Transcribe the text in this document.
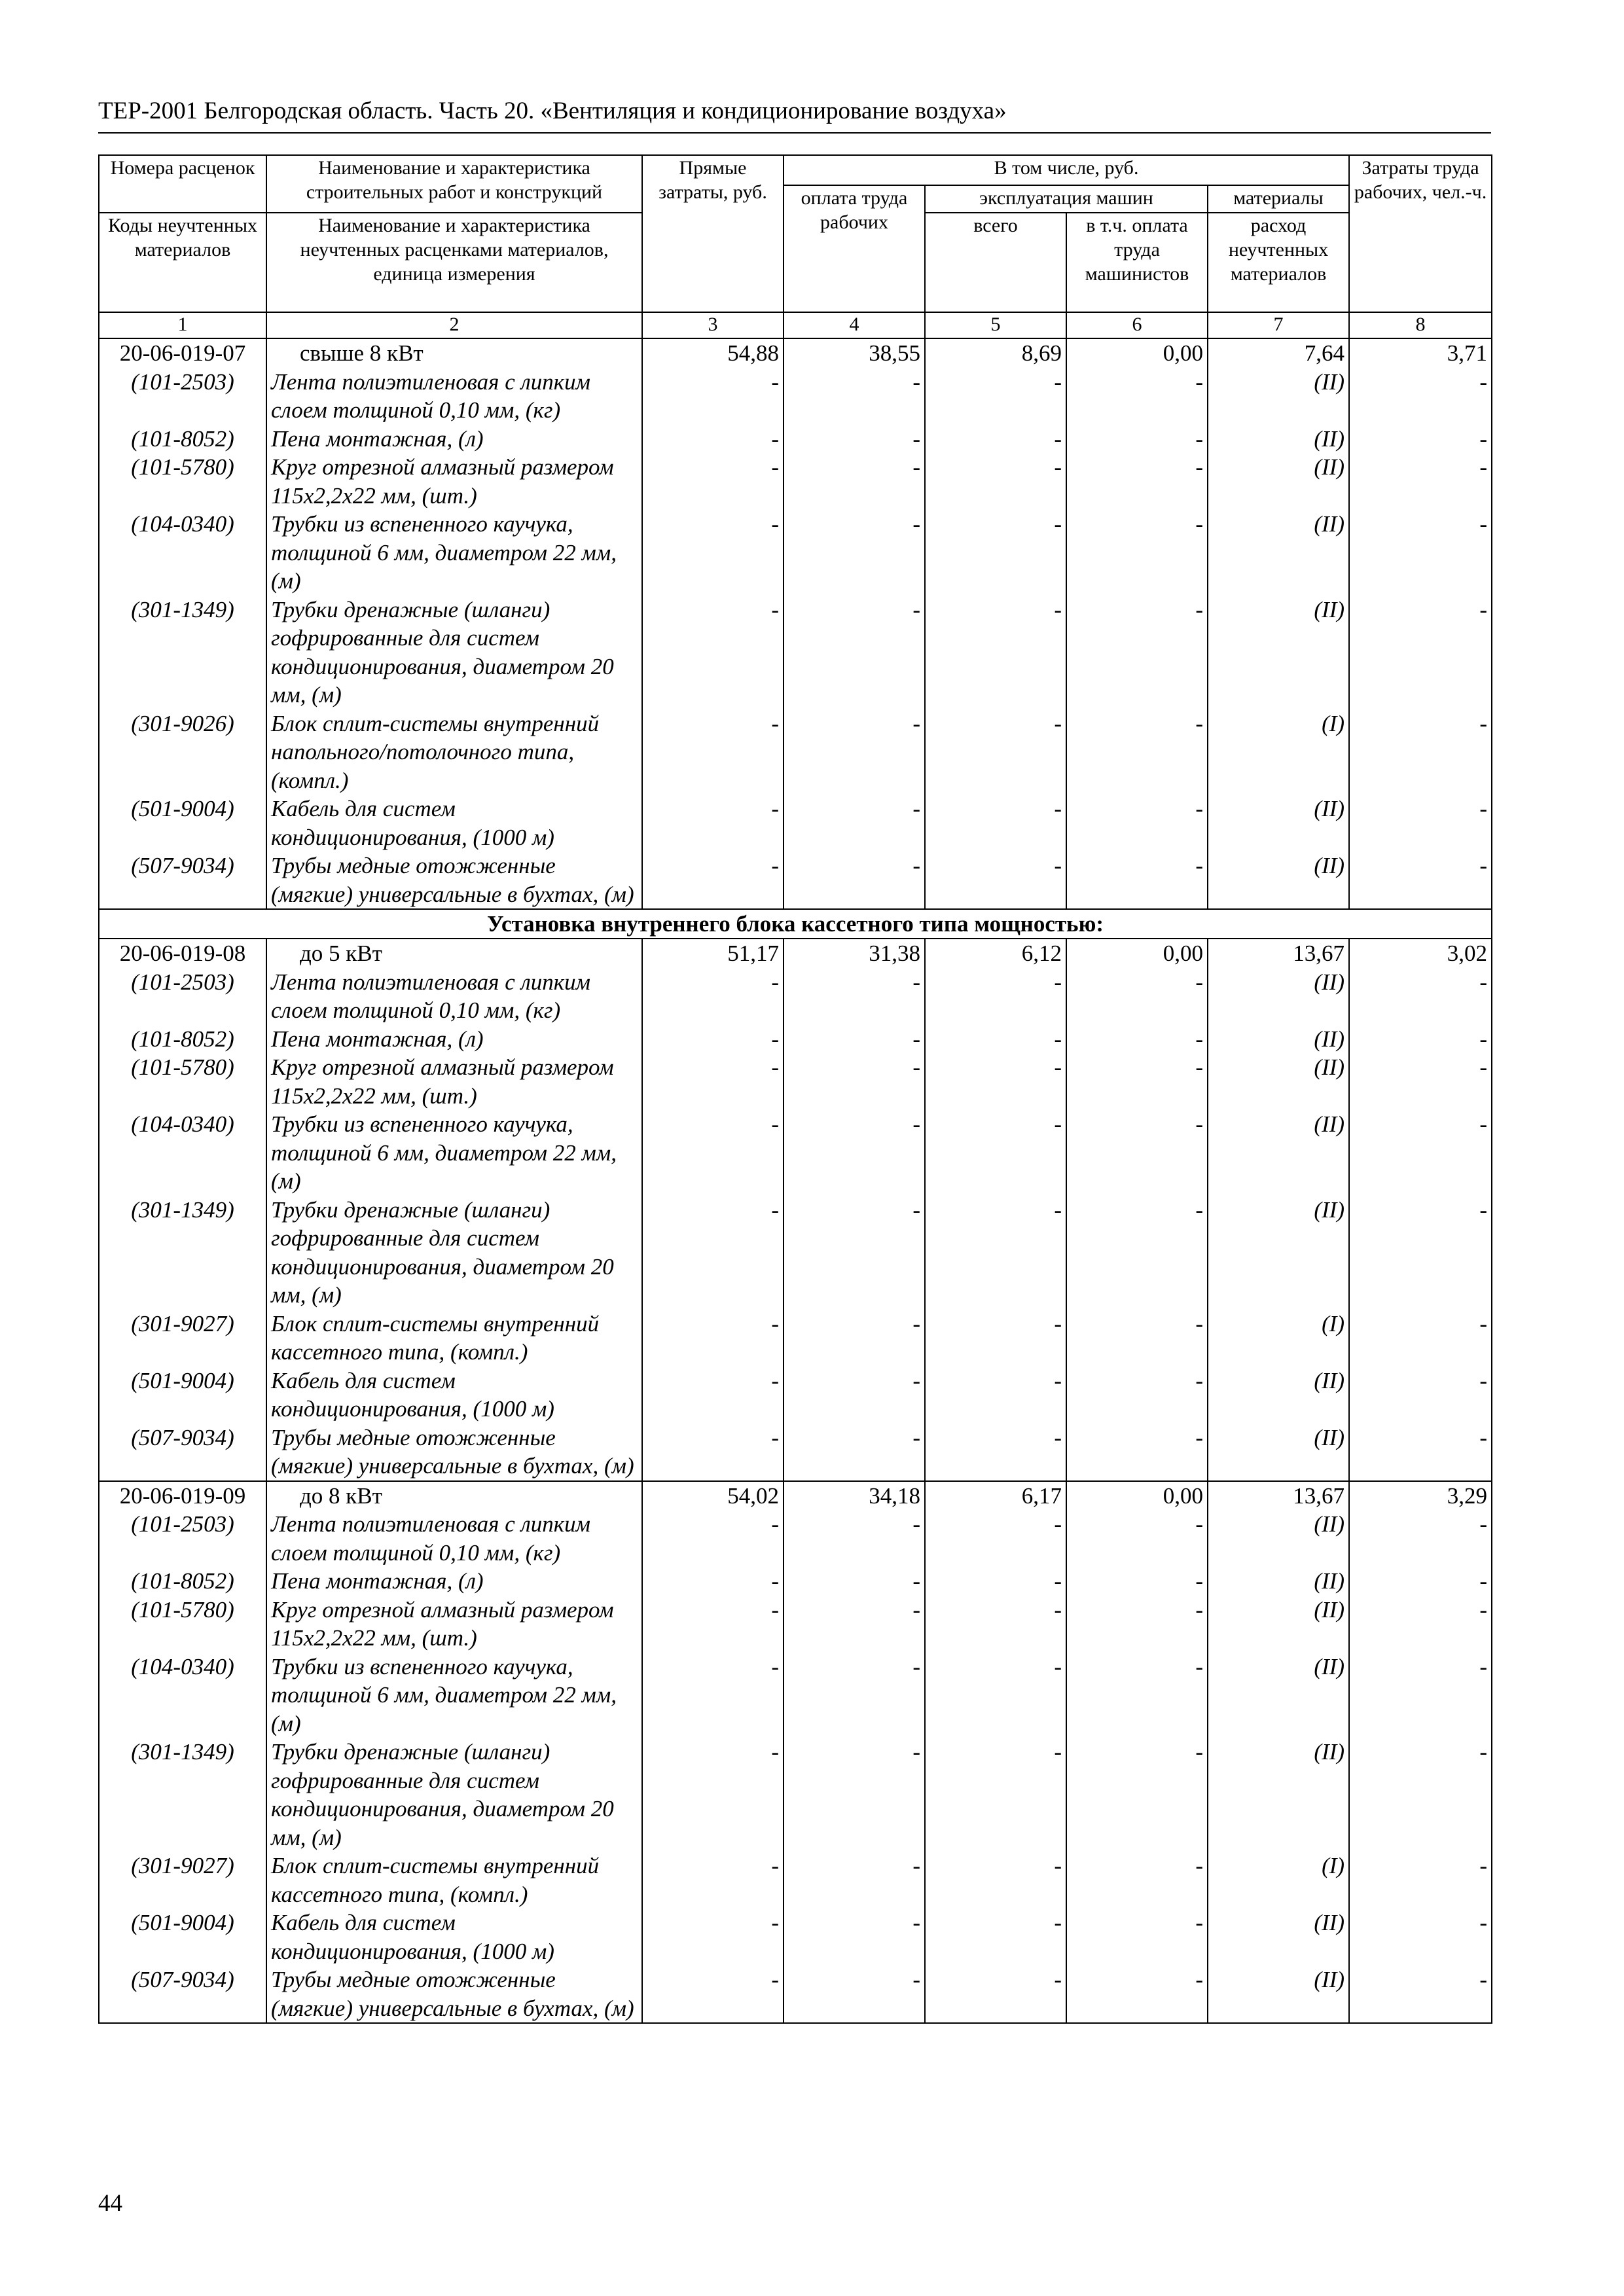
ТЕР-2001 Белгородская область. Часть 20. «Вентиляция и кондиционирование воздуха»
Номера расценок	Наименование и характеристика строительных работ и конструкций	Прямые затраты, руб.	В том числе, руб.				Затраты труда рабочих, чел.-ч.
			оплата труда рабочих	эксплуатация машин		материалы	
Коды неучтенных материалов	Наименование и характеристика неучтенных расценками материалов, единица измерения			всего	в т.ч. оплата труда машинистов	расход неучтенных материалов	
1	2	3	4	5	6	7	8
20-06-019-07	свыше 8 кВт	54,88	38,55	8,69	0,00	7,64	3,71
(101-2503)	Лента полиэтиленовая с липким слоем толщиной 0,10 мм, (кг)	-	-	-	-	(II)	-
(101-8052)	Пена монтажная, (л)	-	-	-	-	(II)	-
(101-5780)	Круг отрезной алмазный размером 115х2,2х22 мм, (шт.)	-	-	-	-	(II)	-
(104-0340)	Трубки из вспененного каучука, толщиной 6 мм, диаметром 22 мм, (м)	-	-	-	-	(II)	-
(301-1349)	Трубки дренажные (шланги) гофрированные для систем кондиционирования, диаметром 20 мм, (м)	-	-	-	-	(II)	-
(301-9026)	Блок сплит-системы внутренний напольного/потолочного типа, (компл.)	-	-	-	-	(I)	-
(501-9004)	Кабель для систем кондиционирования, (1000 м)	-	-	-	-	(II)	-
(507-9034)	Трубы медные отожженные (мягкие) универсальные в бухтах, (м)	-	-	-	-	(II)	-
Установка внутреннего блока кассетного типа мощностью:							
20-06-019-08	до 5 кВт	51,17	31,38	6,12	0,00	13,67	3,02
(101-2503)	Лента полиэтиленовая с липким слоем толщиной 0,10 мм, (кг)	-	-	-	-	(II)	-
(101-8052)	Пена монтажная, (л)	-	-	-	-	(II)	-
(101-5780)	Круг отрезной алмазный размером 115х2,2х22 мм, (шт.)	-	-	-	-	(II)	-
(104-0340)	Трубки из вспененного каучука, толщиной 6 мм, диаметром 22 мм, (м)	-	-	-	-	(II)	-
(301-1349)	Трубки дренажные (шланги) гофрированные для систем кондиционирования, диаметром 20 мм, (м)	-	-	-	-	(II)	-
(301-9027)	Блок сплит-системы внутренний кассетного типа, (компл.)	-	-	-	-	(I)	-
(501-9004)	Кабель для систем кондиционирования, (1000 м)	-	-	-	-	(II)	-
(507-9034)	Трубы медные отожженные (мягкие) универсальные в бухтах, (м)	-	-	-	-	(II)	-
20-06-019-09	до 8 кВт	54,02	34,18	6,17	0,00	13,67	3,29
(101-2503)	Лента полиэтиленовая с липким слоем толщиной 0,10 мм, (кг)	-	-	-	-	(II)	-
(101-8052)	Пена монтажная, (л)	-	-	-	-	(II)	-
(101-5780)	Круг отрезной алмазный размером 115х2,2х22 мм, (шт.)	-	-	-	-	(II)	-
(104-0340)	Трубки из вспененного каучука, толщиной 6 мм, диаметром 22 мм, (м)	-	-	-	-	(II)	-
(301-1349)	Трубки дренажные (шланги) гофрированные для систем кондиционирования, диаметром 20 мм, (м)	-	-	-	-	(II)	-
(301-9027)	Блок сплит-системы внутренний кассетного типа, (компл.)	-	-	-	-	(I)	-
(501-9004)	Кабель для систем кондиционирования, (1000 м)	-	-	-	-	(II)	-
(507-9034)	Трубы медные отожженные (мягкие) универсальные в бухтах, (м)	-	-	-	-	(II)	-
44
